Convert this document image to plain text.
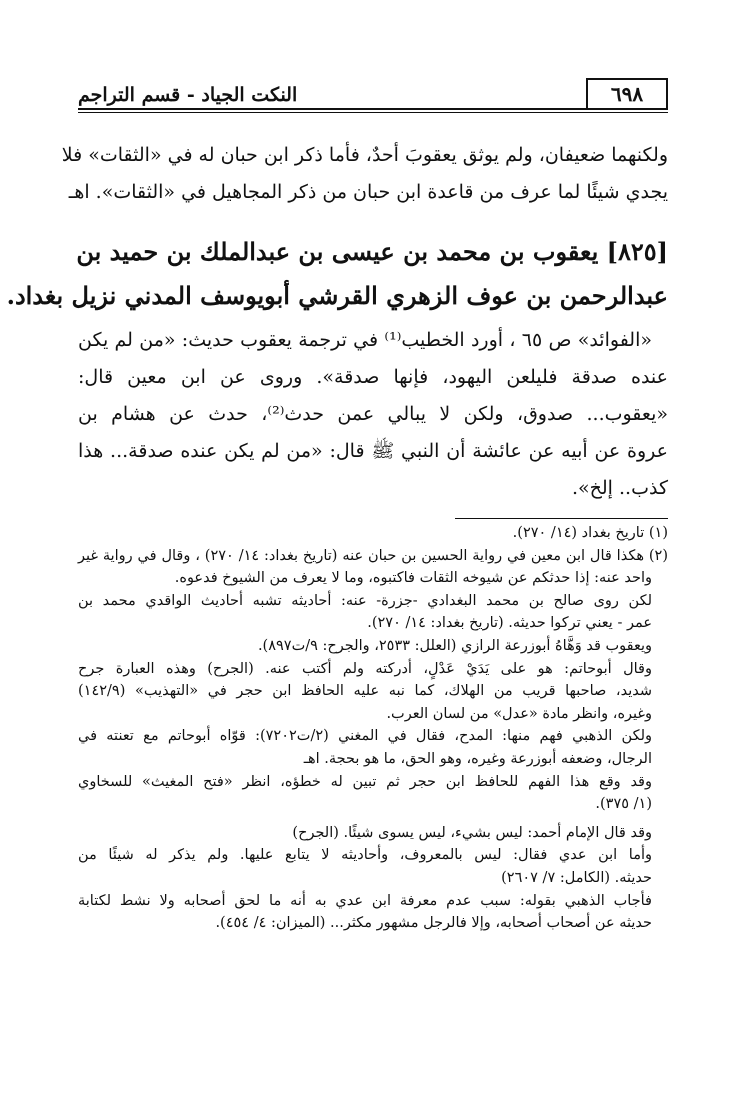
٦٩٨
النكت الجياد - قسم التراجم
ولكنهما ضعيفان، ولم يوثق يعقوبَ أحدٌ، فأما ذكر ابن حبان له في «الثقات» فلا
يجدي شيئًا لما عرف من قاعدة ابن حبان من ذكر المجاهيل في «الثقات». اهـ
[٨٢٥] يعقوب بن محمد بن عيسى بن عبدالملك بن حميد بن
عبدالرحمن بن عوف الزهري القرشي أبويوسف المدني نزيل بغداد.
«الفوائد» ص ٦٥ ، أورد الخطيب⁽¹⁾ في ترجمة يعقوب حديث: «من لم يكن
عنده صدقة فليلعن اليهود، فإنها صدقة». وروى عن ابن معين قال:
«يعقوب... صدوق، ولكن لا يبالي عمن حدث⁽²⁾، حدث عن هشام بن
عروة عن أبيه عن عائشة أن النبي ﷺ قال: «من لم يكن عنده صدقة... هذا
كذب.. إلخ».
(١) تاريخ بغداد (١٤/ ٢٧٠).
(٢) هكذا قال ابن معين في رواية الحسين بن حبان عنه (تاريخ بغداد: ١٤/ ٢٧٠) ، وقال في رواية غير
واحد عنه: إذا حدثكم عن شيوخه الثقات فاكتبوه، وما لا يعرف من الشيوخ فدعوه.
لكن روى صالح بن محمد البغدادي -جزرة- عنه: أحاديثه تشبه أحاديث الواقدي محمد بن
عمر - يعني تركوا حديثه. (تاريخ بغداد: ١٤/ ٢٧٠).
ويعقوب قد وَهَّاهُ أبوزرعة الرازي (العلل: ٢٥٣٣، والجرح: ٩/ت٨٩٧).
وقال أبوحاتم: هو على يَدَيْ عَدْلٍ، أدركته ولم أكتب عنه. (الجرح) وهذه العبارة جرح
شديد، صاحبها قريب من الهلاك، كما نبه عليه الحافظ ابن حجر في «التهذيب» (١٤٢/٩)
وغيره، وانظر مادة «عدل» من لسان العرب.
ولكن الذهبي فهم منها: المدح، فقال في المغني (٢/ت٧٢٠٢): قوّاه أبوحاتم مع تعنته في
الرجال، وضعفه أبوزرعة وغيره، وهو الحق، ما هو بحجة. اهـ
وقد وقع هذا الفهم للحافظ ابن حجر ثم تبين له خطؤه، انظر «فتح المغيث» للسخاوي
(١/ ٣٧٥).
وقد قال الإمام أحمد: ليس بشيء، ليس يسوى شيئًا. (الجرح)
وأما ابن عدي فقال: ليس بالمعروف، وأحاديثه لا يتابع عليها. ولم يذكر له شيئًا من
حديثه. (الكامل: ٧/ ٢٦٠٧)
فأجاب الذهبي بقوله: سبب عدم معرفة ابن عدي به أنه ما لحق أصحابه ولا نشط لكتابة
حديثه عن أصحاب أصحابه، وإلا فالرجل مشهور مكثر... (الميزان: ٤/ ٤٥٤).
